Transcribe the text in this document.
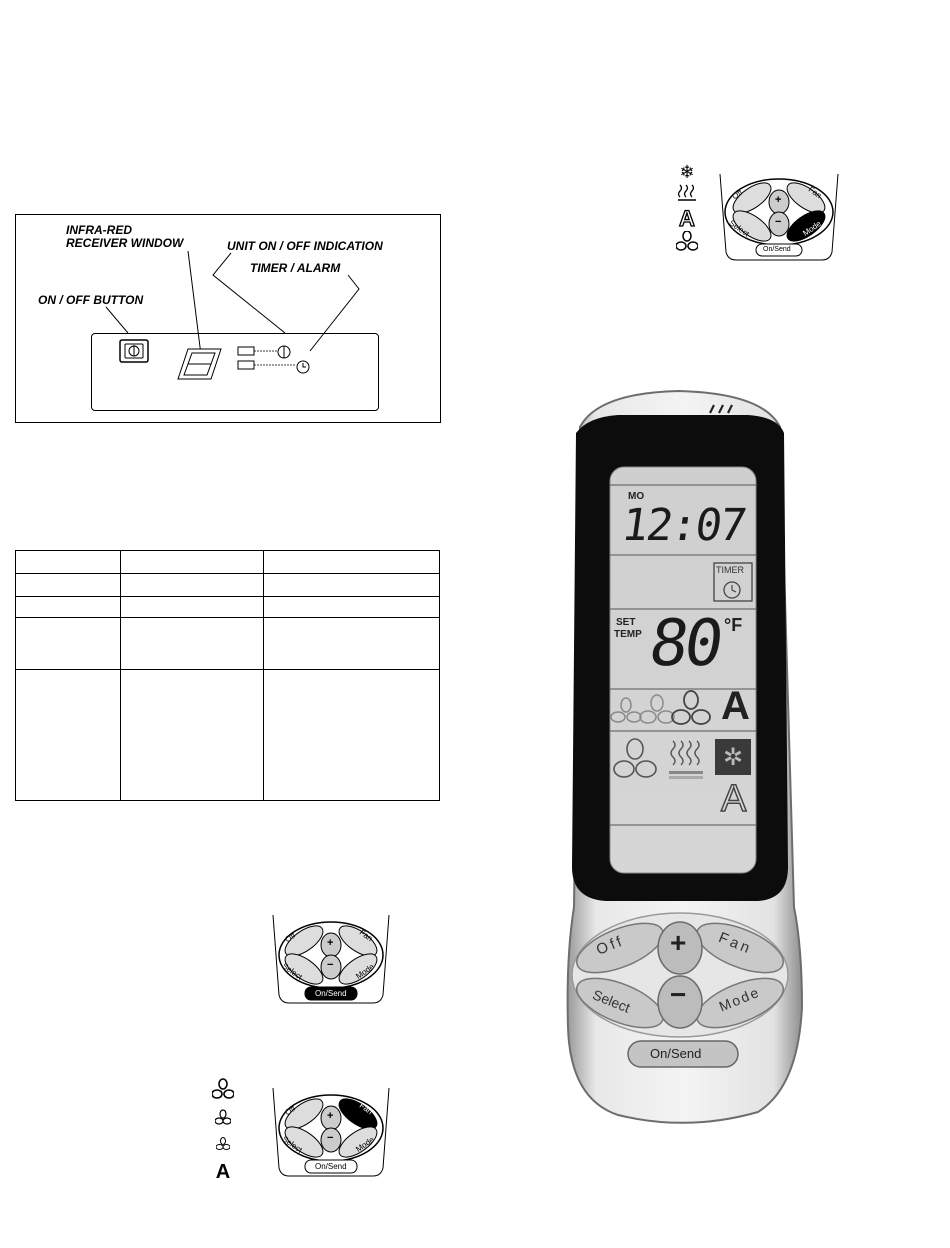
INFRA-RED
RECEIVER WINDOW	UNIT ON / OFF INDICATION
TIMER / ALARM
ON / OFF BUTTON

❄
A
Off	Fan
Select	Mode
+
−
On/Send
Off	Fan
Select	Mode
+
−
On/Send

A
Off	Fan
Select	Mode
+
−
On/Send
✲
MO
12:07
TIMER
SET
TEMP 80 °F
A
A
Off + Fan
Select − Mode
On/Send
